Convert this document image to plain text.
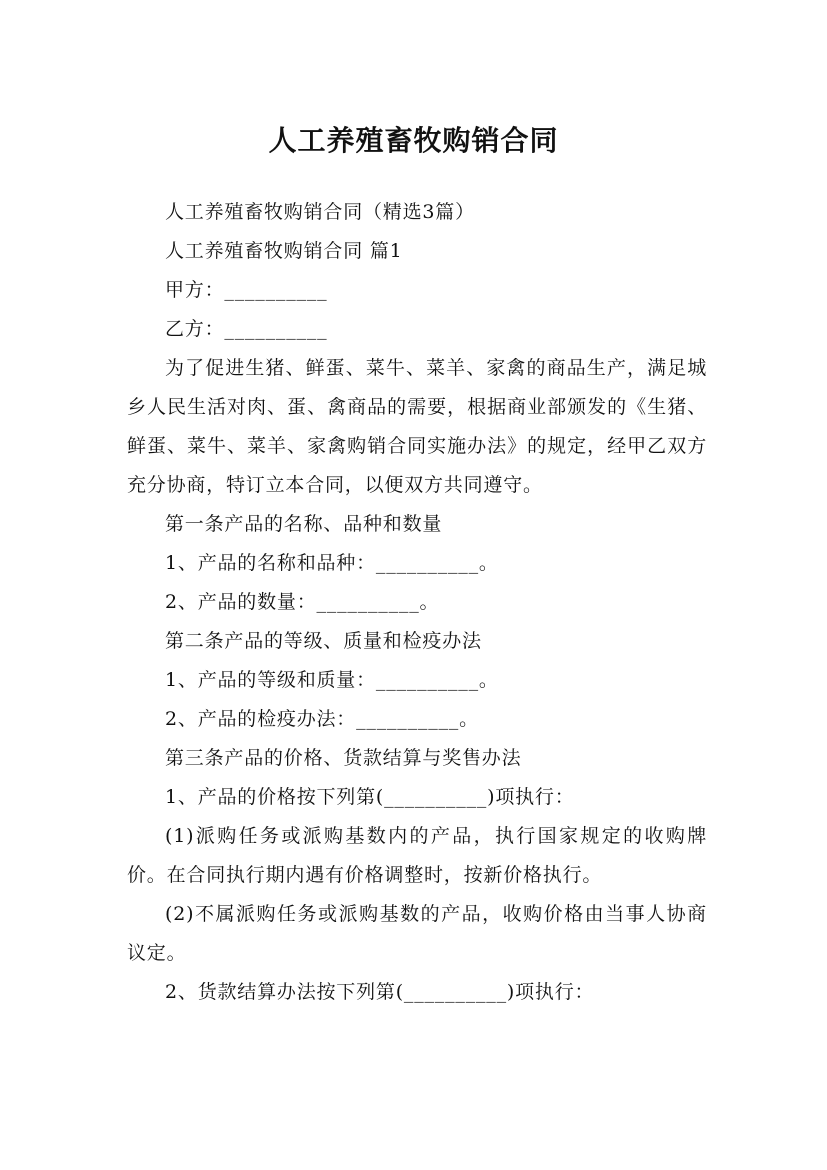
人工养殖畜牧购销合同

人工养殖畜牧购销合同（精选3篇）

人工养殖畜牧购销合同 篇1

甲方：__________

乙方：__________

为了促进生猪、鲜蛋、菜牛、菜羊、家禽的商品生产，满足城乡人民生活对肉、蛋、禽商品的需要，根据商业部颁发的《生猪、鲜蛋、菜牛、菜羊、家禽购销合同实施办法》的规定，经甲乙双方充分协商，特订立本合同，以便双方共同遵守。

第一条产品的名称、品种和数量

1、产品的名称和品种：__________。

2、产品的数量：__________。

第二条产品的等级、质量和检疫办法

1、产品的等级和质量：__________。

2、产品的检疫办法：__________。

第三条产品的价格、货款结算与奖售办法

1、产品的价格按下列第(__________)项执行：

(1)派购任务或派购基数内的产品，执行国家规定的收购牌价。在合同执行期内遇有价格调整时，按新价格执行。

(2)不属派购任务或派购基数的产品，收购价格由当事人协商议定。

2、货款结算办法按下列第(__________)项执行：
